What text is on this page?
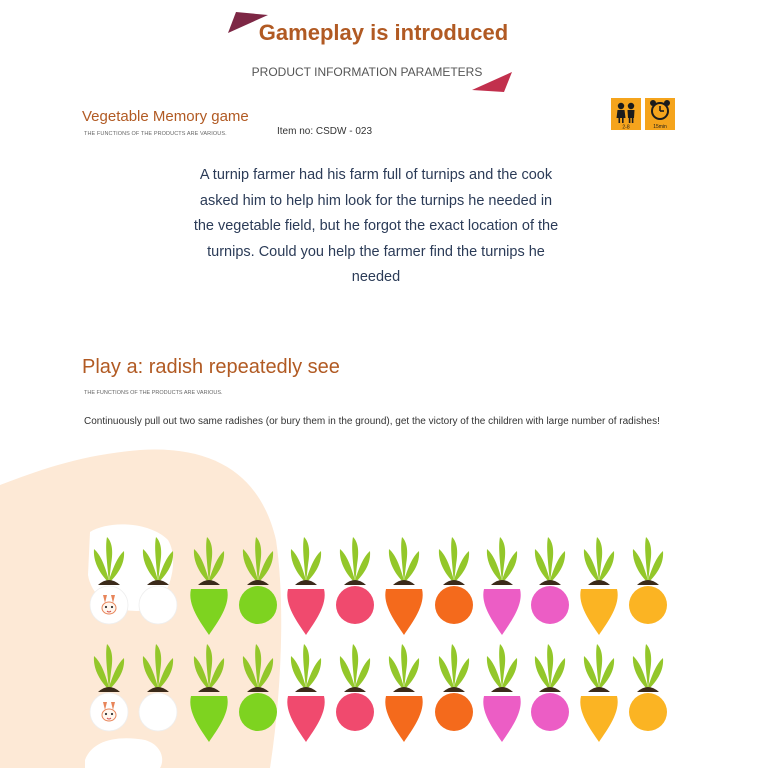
Gameplay is introduced
PRODUCT INFORMATION PARAMETERS
Vegetable Memory game
THE FUNCTIONS OF THE PRODUCTS ARE VARIOUS.	Item no: CSDW - 023	2-8	15min
A turnip farmer had his farm full of turnips and the cook asked him to help him look for the turnips he needed in the vegetable field, but he forgot the exact location of the turnips. Could you help the farmer find the turnips he needed
Play a: radish repeatedly see
THE FUNCTIONS OF THE PRODUCTS ARE VARIOUS.
Continuously pull out two same radishes (or bury them in the ground), get the victory of the children with large number of radishes!
